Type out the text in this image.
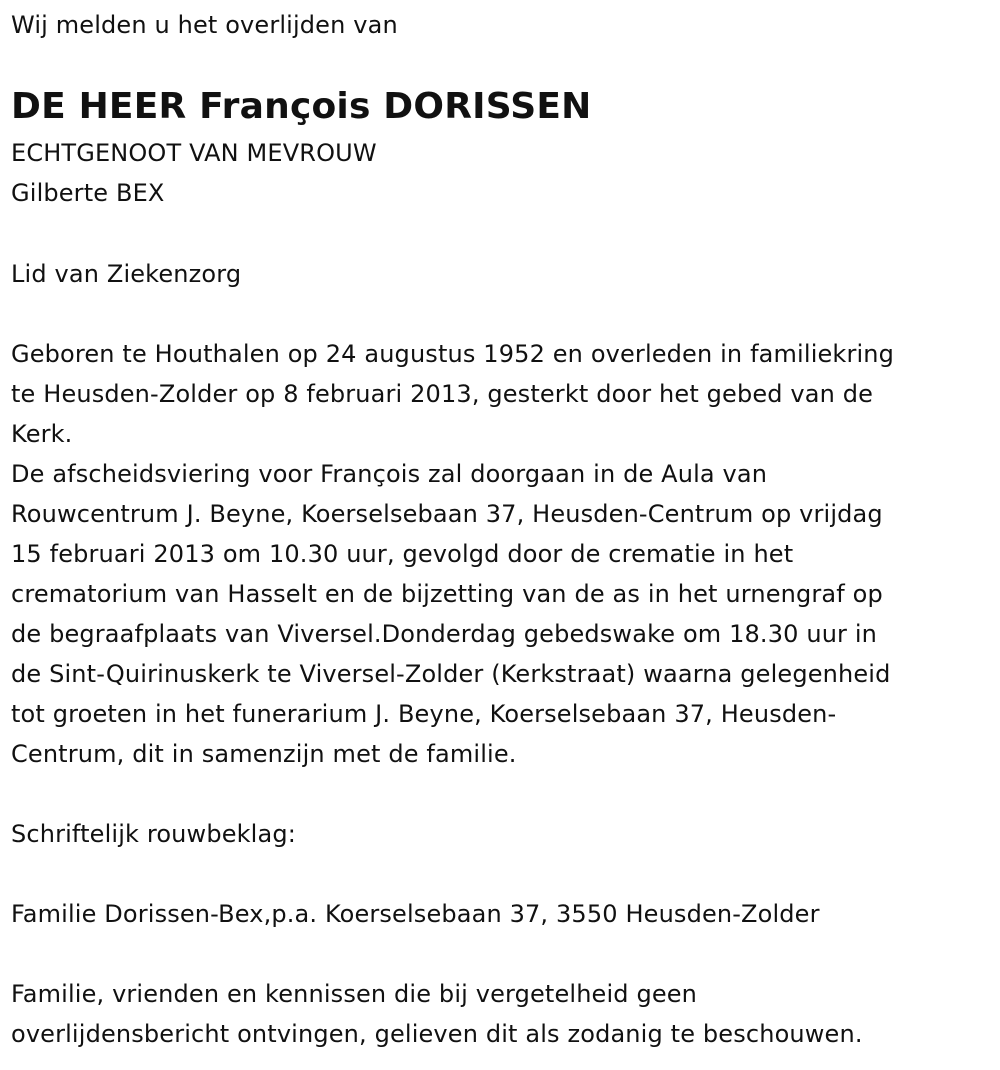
Wij melden u het overlijden van
DE HEER François DORISSEN
ECHTGENOOT VAN MEVROUW
Gilberte BEX
Lid van Ziekenzorg
Geboren te Houthalen op 24 augustus 1952 en overleden in familiekring
te Heusden-Zolder op 8 februari 2013, gesterkt door het gebed van de
Kerk.
De afscheidsviering voor François zal doorgaan in de Aula van
Rouwcentrum J. Beyne, Koerselsebaan 37, Heusden-Centrum op vrijdag
15 februari 2013 om 10.30 uur, gevolgd door de crematie in het
crematorium van Hasselt en de bijzetting van de as in het urnengraf op
de begraafplaats van Viversel.Donderdag gebedswake om 18.30 uur in
de Sint-Quirinuskerk te Viversel-Zolder (Kerkstraat) waarna gelegenheid
tot groeten in het funerarium J. Beyne, Koerselsebaan 37, Heusden-
Centrum, dit in samenzijn met de familie.
Schriftelijk rouwbeklag:
Familie Dorissen-Bex,p.a. Koerselsebaan 37, 3550 Heusden-Zolder
Familie, vrienden en kennissen die bij vergetelheid geen
overlijdensbericht ontvingen, gelieven dit als zodanig te beschouwen.
